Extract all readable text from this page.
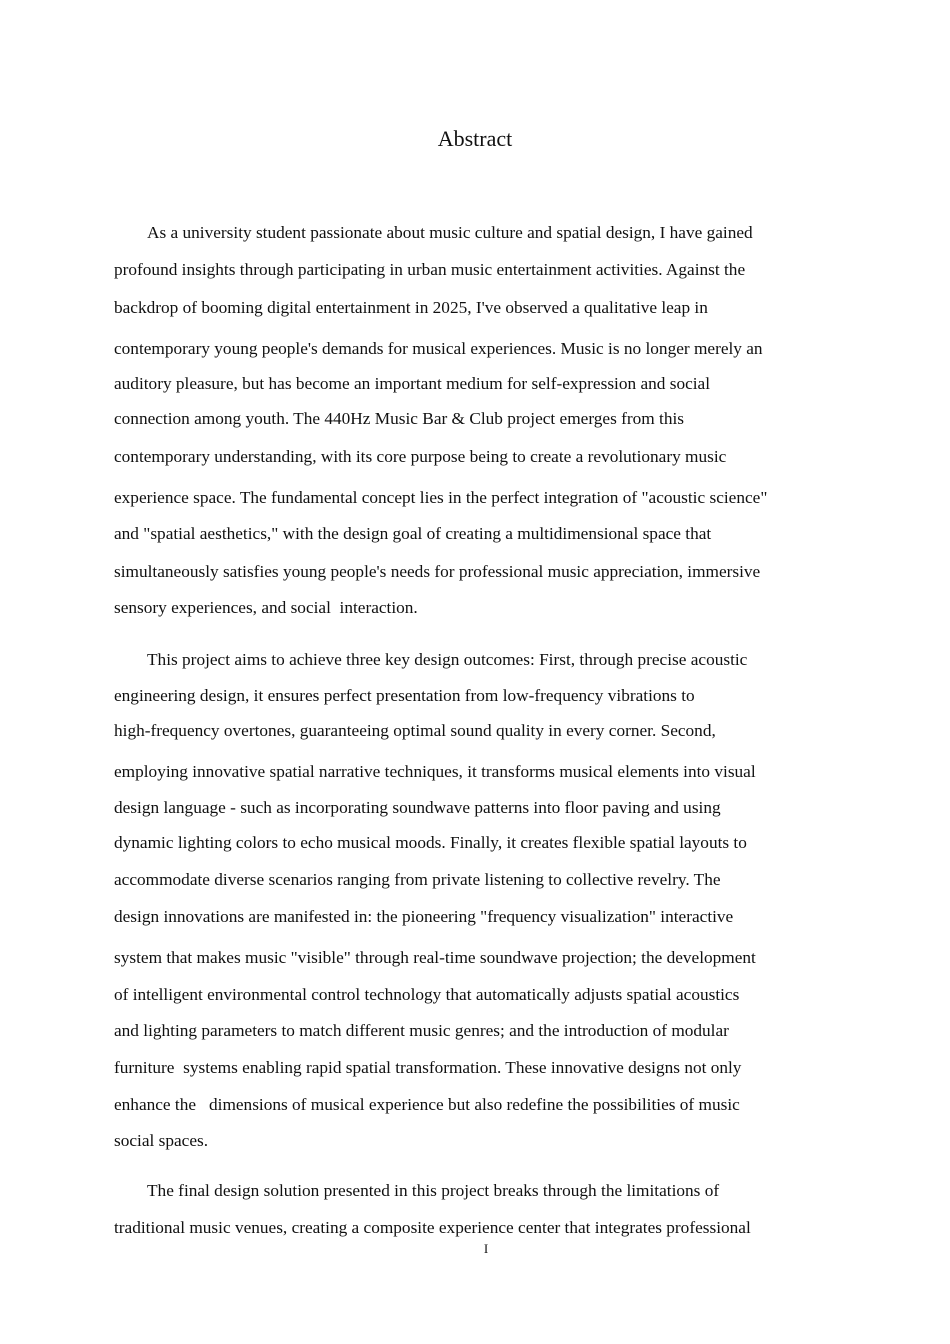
Abstract
As a university student passionate about music culture and spatial design, I have gained
profound insights through participating in urban music entertainment activities. Against the
backdrop of booming digital entertainment in 2025, I've observed a qualitative leap in
contemporary young people's demands for musical experiences. Music is no longer merely an
auditory pleasure, but has become an important medium for self-expression and social
connection among youth. The 440Hz Music Bar & Club project emerges from this
contemporary understanding, with its core purpose being to create a revolutionary music
experience space. The fundamental concept lies in the perfect integration of "acoustic science"
and "spatial aesthetics," with the design goal of creating a multidimensional space that
simultaneously satisfies young people's needs for professional music appreciation, immersive
sensory experiences, and social  interaction.
This project aims to achieve three key design outcomes: First, through precise acoustic
engineering design, it ensures perfect presentation from low-frequency vibrations to
high-frequency overtones, guaranteeing optimal sound quality in every corner. Second,
employing innovative spatial narrative techniques, it transforms musical elements into visual
design language - such as incorporating soundwave patterns into floor paving and using
dynamic lighting colors to echo musical moods. Finally, it creates flexible spatial layouts to
accommodate diverse scenarios ranging from private listening to collective revelry. The
design innovations are manifested in: the pioneering "frequency visualization" interactive
system that makes music "visible" through real-time soundwave projection; the development
of intelligent environmental control technology that automatically adjusts spatial acoustics
and lighting parameters to match different music genres; and the introduction of modular
furniture  systems enabling rapid spatial transformation. These innovative designs not only
enhance the   dimensions of musical experience but also redefine the possibilities of music
social spaces.
The final design solution presented in this project breaks through the limitations of
traditional music venues, creating a composite experience center that integrates professional
I
